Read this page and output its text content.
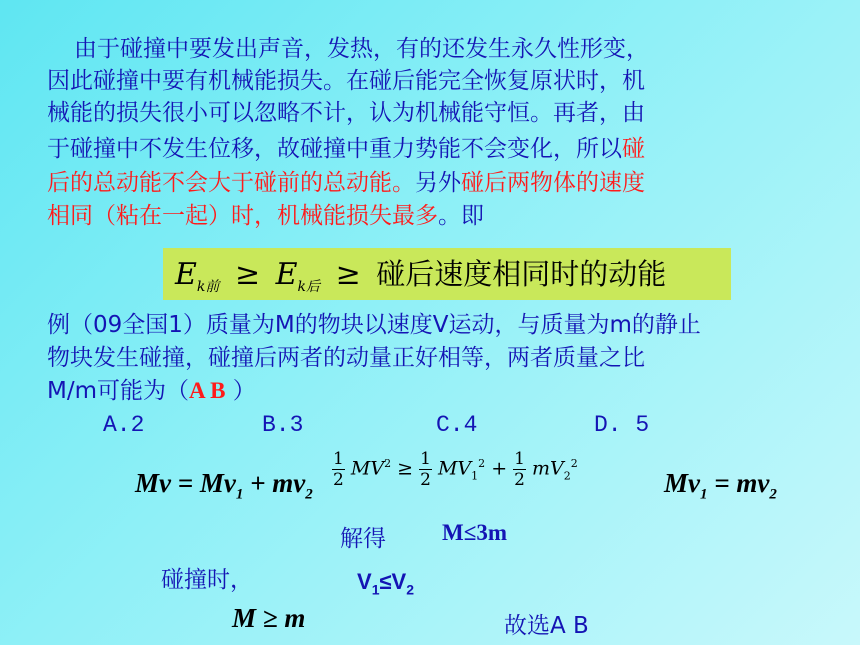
由于碰撞中要发出声音，发热，有的还发生永久性形变，
因此碰撞中要有机械能损失。在碰后能完全恢复原状时，机
械能的损失很小可以忽略不计，认为机械能守恒。再者，由
于碰撞中不发生位移，故碰撞中重力势能不会变化，所以碰
后的总动能不会大于碰前的总动能。另外碰后两物体的速度
相同（粘在一起）时，机械能损失最多。即
$E_{k前} \ge E_{k后}$ ≥ 碰后速度相同时的动能
例（09全国1）质量为M的物块以速度V运动，与质量为m的静止
物块发生碰撞，碰撞后两者的动量正好相等，两者质量之比
M/m可能为（A B ）
A.2	B.3	C.4	D. 5
$Mv = Mv_1 + mv_2$
$\frac{1}{2} MV^2 \ge \frac{1}{2} MV_1^2 + \frac{1}{2} mV_2^2$
$Mv_1 = mv_2$
解得 M≤3m
碰撞时，	$V_1\le V_2$
M ≥ m	故选A B
